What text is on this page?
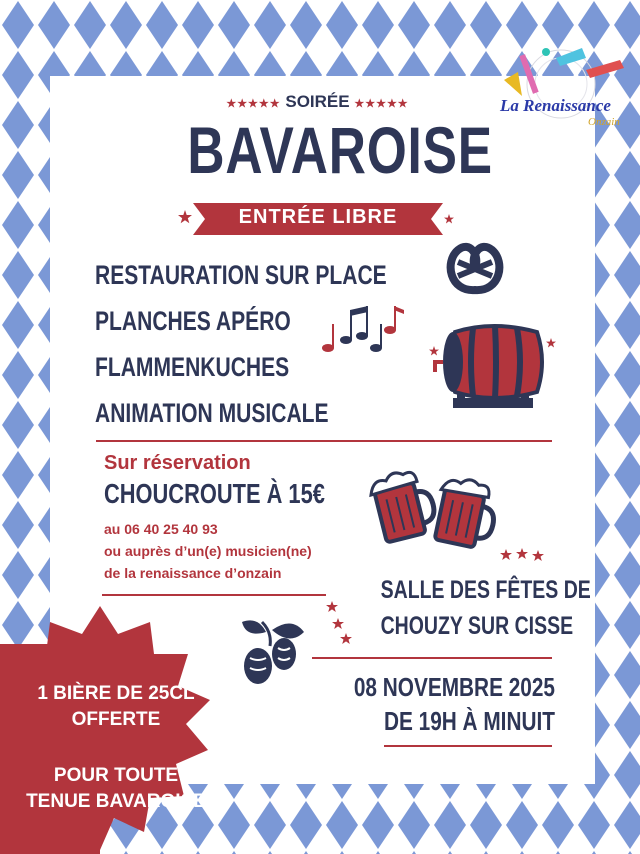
La Renaissance
Onzain
★★★★★ SOIRÉE ★★★★★
BAVAROISE
ENTRÉE LIBRE
RESTAURATION SUR PLACE
PLANCHES APÉRO
FLAMMENKUCHES
ANIMATION MUSICALE
Sur réservation
CHOUCROUTE À 15€
au 06 40 25 40 93
ou auprès d’un(e) musicien(ne)
de la renaissance d’onzain
SALLE DES FÊTES DE
CHOUZY SUR CISSE
08 NOVEMBRE 2025
DE 19H À MINUIT
1 BIÈRE DE 25CL
OFFERTE
POUR TOUTE
TENUE BAVAROISE
